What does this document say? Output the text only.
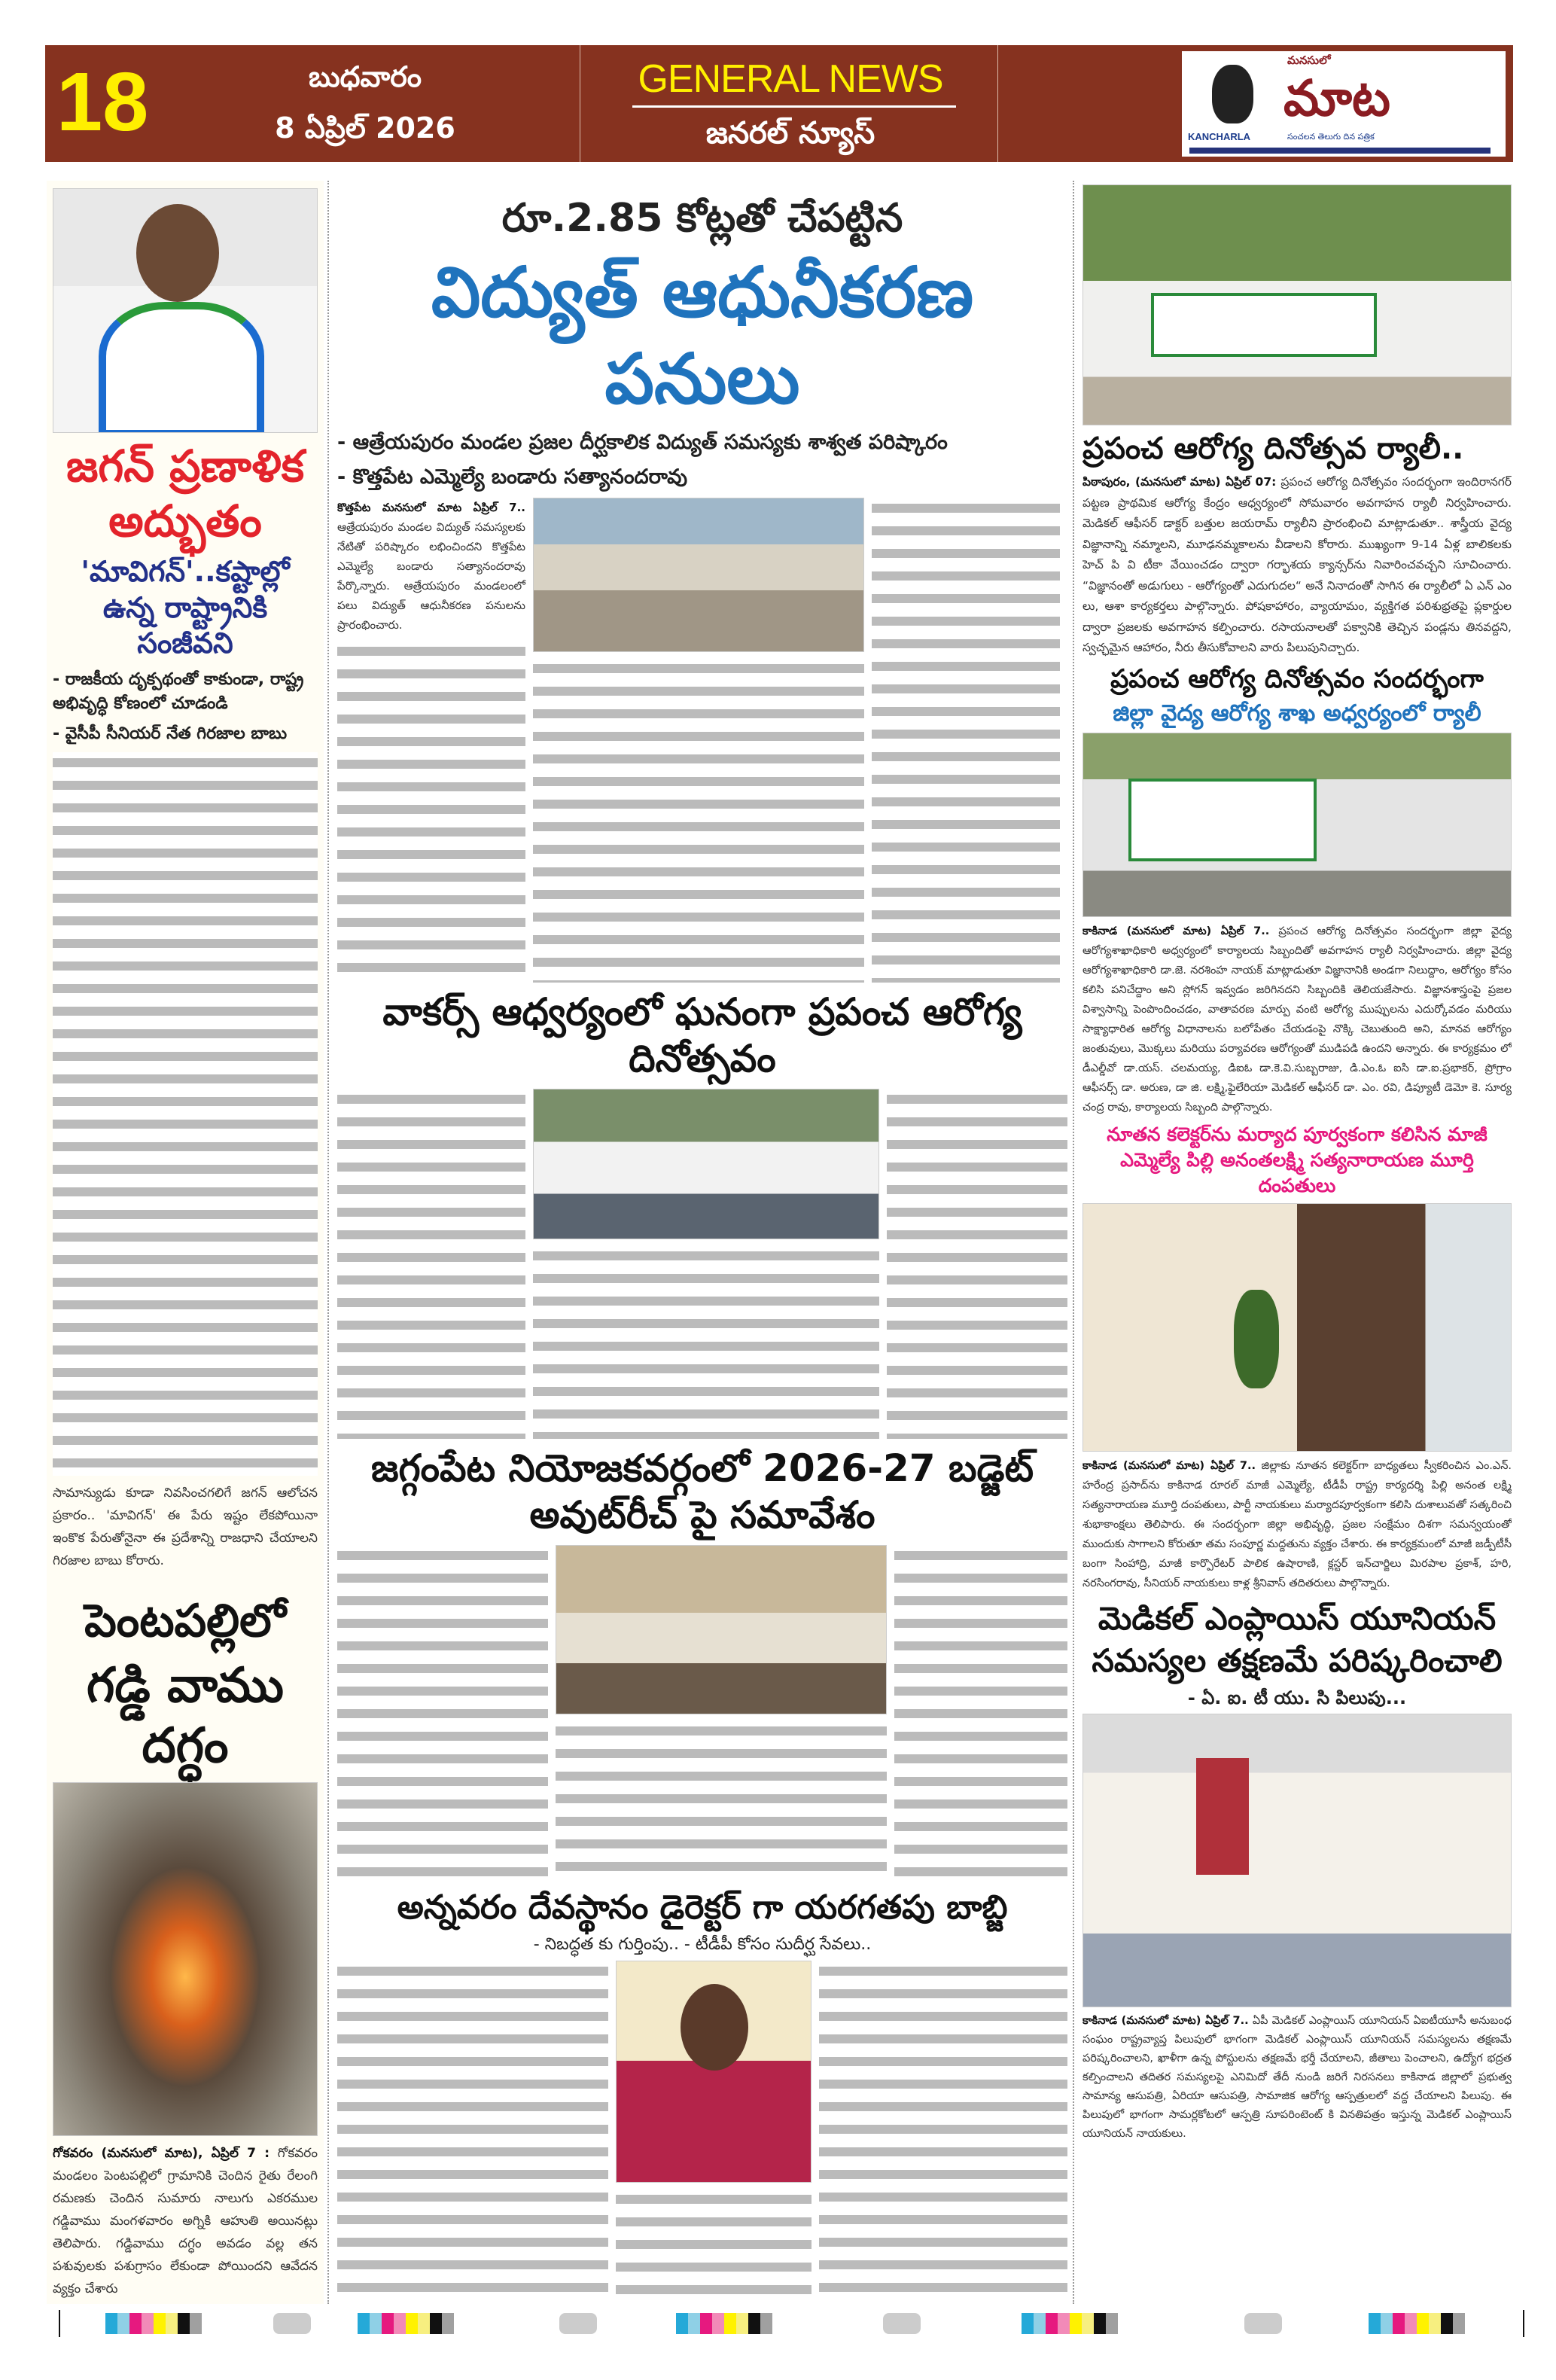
18	బుధవారం
8 ఏప్రిల్ 2026
GENERAL NEWS
జనరల్ న్యూస్	KANCHARLA
మనసులో
మాట
సంచలన తెలుగు దిన పత్రిక
జగన్ ప్రణాళిక అద్భుతం
'మావిగన్'..కష్టాల్లో ఉన్న రాష్ట్రానికి సంజీవని
- రాజకీయ దృక్పథంతో కాకుండా, రాష్ట్ర అభివృద్ధి కోణంలో చూడండి
- వైసీపీ సీనియర్ నేత గిరజాల బాబు
సామాన్యుడు కూడా నివసించగలిగే జగన్ ఆలోచన ప్రకారం.. 'మావిగన్' ఈ పేరు ఇష్టం లేకపోయినా ఇంకొక పేరుతోనైనా ఈ ప్రదేశాన్ని రాజధాని చేయాలని గిరజాల బాబు కోరారు.
పెంటపల్లిలో
గడ్డి వాము దగ్ధం
గోకవరం (మనసులో మాట), ఏప్రిల్ 7 : గోకవరం మండలం పెంటపల్లిలో గ్రామానికి చెందిన రైతు రేలంగి రమణకు చెందిన సుమారు నాలుగు ఎకరముల గడ్డివాము మంగళవారం అగ్నికి ఆహుతి అయినట్లు తెలిపారు. గడ్డివాము దగ్ధం అవడం వల్ల తన పశువులకు పశుగ్రాసం లేకుండా పోయిందని ఆవేదన వ్యక్తం చేశారు
రూ.2.85 కోట్లతో చేపట్టిన
విద్యుత్ ఆధునీకరణ పనులు
- ఆత్రేయపురం మండల ప్రజల దీర్ఘకాలిక విద్యుత్ సమస్యకు శాశ్వత పరిష్కారం
- కొత్తపేట ఎమ్మెల్యే బండారు సత్యానందరావు
కొత్తపేట మనసులో మాట ఏప్రిల్ 7.. ఆత్రేయపురం మండల విద్యుత్ సమస్యలకు నేటితో పరిష్కారం లభించిందని కొత్తపేట ఎమ్మెల్యే బండారు సత్యానందరావు పేర్కొన్నారు. ఆత్రేయపురం మండలంలో పలు విద్యుత్ ఆధునీకరణ పనులను ప్రారంభించారు.
వాకర్స్ ఆధ్వర్యంలో ఘనంగా ప్రపంచ ఆరోగ్య దినోత్సవం
జగ్గంపేట నియోజకవర్గంలో 2026-27 బడ్జెట్ అవుట్‌రీచ్ పై సమావేశం
అన్నవరం దేవస్థానం డైరెక్టర్ గా యరగతపు బాబ్జి
- నిబద్ధత కు గుర్తింపు.. - టీడీపీ కోసం సుదీర్ఘ సేవలు..
ప్రపంచ ఆరోగ్య దినోత్సవ ర్యాలీ..
పిఠాపురం, (మనసులో మాట) ఏప్రిల్ 07: ప్రపంచ ఆరోగ్య దినోత్సవం సందర్భంగా ఇందిరానగర్ పట్టణ ప్రాథమిక ఆరోగ్య కేంద్రం ఆధ్వర్యంలో సోమవారం అవగాహన ర్యాలీ నిర్వహించారు. మెడికల్ ఆఫీసర్ డాక్టర్ బత్తుల జయరామ్ ర్యాలీని ప్రారంభించి మాట్లాడుతూ.. శాస్త్రీయ వైద్య విజ్ఞానాన్ని నమ్మాలని, మూఢనమ్మకాలను వీడాలని కోరారు. ముఖ్యంగా 9-14 ఏళ్ల బాలికలకు హెచ్ పి వి టీకా వేయించడం ద్వారా గర్భాశయ క్యాన్సర్‌ను నివారించవచ్చని సూచించారు. “విజ్ఞానంతో అడుగులు - ఆరోగ్యంతో ఎదుగుదల“ అనే నినాదంతో సాగిన ఈ ర్యాలీలో ఏ ఎన్ ఎం లు, ఆశా కార్యకర్తలు పాల్గొన్నారు. పోషకాహారం, వ్యాయామం, వ్యక్తిగత పరిశుభ్రతపై ప్లకార్డుల ద్వారా ప్రజలకు అవగాహన కల్పించారు. రసాయనాలతో పక్వానికి తెచ్చిన పండ్లను తినవద్దని, స్వచ్ఛమైన ఆహారం, నీరు తీసుకోవాలని వారు పిలుపునిచ్చారు.
ప్రపంచ ఆరోగ్య దినోత్సవం సందర్భంగా
జిల్లా వైద్య ఆరోగ్య శాఖ అధ్వర్యంలో ర్యాలీ
కాకినాడ (మనసులో మాట) ఏప్రిల్ 7.. ప్రపంచ ఆరోగ్య దినోత్సవం సందర్భంగా జిల్లా వైద్య ఆరోగ్యశాఖాధికారి అధ్వర్యంలో కార్యాలయ సిబ్బందితో అవగాహన ర్యాలీ నిర్వహించారు. జిల్లా వైద్య ఆరోగ్యశాఖాధికారి డా.జె. నరశింహ నాయక్ మాట్లాడుతూ విజ్ఞానానికి అండగా నిలుద్దాం, ఆరోగ్యం కోసం కలిసి పనిచేద్దాం అని స్లోగన్ ఇవ్వడం జరిగినదని సిబ్బందికి తెలియజేసారు. విజ్ఞానశాస్త్రంపై ప్రజల విశ్వాసాన్ని పెంపొందించడం, వాతావరణ మార్పు వంటి ఆరోగ్య ముప్పులను ఎదుర్కోవడం మరియు సాక్ష్యాధారిత ఆరోగ్య విధానాలను బలోపేతం చేయడంపై నొక్కి చెబుతుంది అని, మానవ ఆరోగ్యం జంతువులు, మొక్కలు మరియు పర్యావరణ ఆరోగ్యంతో ముడిపడి ఉందని అన్నారు. ఈ కార్యక్రమం లో డీఎల్డీవో డా.యస్. చలమయ్య, డిఐఓ డా.కె.వి.సుబ్బరాజు, డి.ఎం.ఓ ఐసి డా.ఐ.ప్రభాకర్, ప్రోగ్రాం ఆఫీసర్స్ డా. అరుణ, డా జి. లక్ష్మి,ఫైలేరియా మెడికల్ ఆఫీసర్ డా. ఎం. రవి, డిప్యూటీ డెమో కె. సూర్య చంద్ర రావు, కార్యాలయ సిబ్బంది పాల్గొన్నారు.
నూతన కలెక్టర్‌ను మర్యాద పూర్వకంగా కలిసిన మాజీ ఎమ్మెల్యే పిల్లి అనంతలక్ష్మి సత్యనారాయణ మూర్తి దంపతులు
కాకినాడ (మనసులో మాట) ఏప్రిల్ 7.. జిల్లాకు నూతన కలెక్టర్‌గా బాధ్యతలు స్వీకరించిన ఎం.ఎన్. హరేంద్ర ప్రసాద్‌ను కాకినాడ రూరల్ మాజీ ఎమ్మెల్యే, టీడీపీ రాష్ట్ర కార్యదర్శి పిల్లి అనంత లక్ష్మి సత్యనారాయణ మూర్తి దంపతులు, పార్టీ నాయకులు మర్యాదపూర్వకంగా కలిసి దుశాలువతో సత్కరించి శుభాకాంక్షలు తెలిపారు. ఈ సందర్భంగా జిల్లా అభివృద్ధి, ప్రజల సంక్షేమం దిశగా సమన్వయంతో ముందుకు సాగాలని కోరుతూ తమ సంపూర్ణ మద్దతును వ్యక్తం చేశారు. ఈ కార్యక్రమంలో మాజీ జడ్పీటీసీ బంగా సింహాద్రి, మాజీ కార్పొరేటర్ పాలిక ఉషారాణి, క్లస్టర్ ఇన్‌చార్జిలు మిరపాల ప్రకాశ్, హరి, నరసింగరావు, సీనియర్ నాయకులు కాళ్ల శ్రీనివాస్ తదితరులు పాల్గొన్నారు.
మెడికల్ ఎంప్లాయిస్ యూనియన్ సమస్యల తక్షణమే పరిష్కరించాలి
- ఏ. ఐ. టీ యు. సి పిలుపు...
కాకినాడ (మనసులో మాట) ఏప్రిల్ 7.. ఏపీ మెడికల్ ఎంప్లాయిస్ యూనియన్ ఏఐటీయూసీ అనుబంధ సంఘం రాష్ట్రవ్యాప్త పిలుపులో భాగంగా మెడికల్ ఎంప్లాయిస్ యూనియన్ సమస్యలను తక్షణమే పరిష్కరించాలని, ఖాళీగా ఉన్న పోస్టులను తక్షణమే భర్తీ చేయాలని, జీతాలు పెంచాలని, ఉద్యోగ భద్రత కల్పించాలని తదితర సమస్యలపై ఎనిమిదో తేదీ నుండి జరిగే నిరసనలు కాకినాడ జిల్లాలో ప్రభుత్వ సామాన్య ఆసుపత్రి, ఏరియా ఆసుపత్రి, సామాజిక ఆరోగ్య ఆస్పత్రులలో వద్ద చేయాలని పిలుపు. ఈ పిలుపులో భాగంగా సామర్లకోటలో ఆస్పత్రి సూపరింటెంట్ కి వినతిపత్రం ఇస్తున్న మెడికల్ ఎంప్లాయిస్ యూనియన్ నాయకులు.
